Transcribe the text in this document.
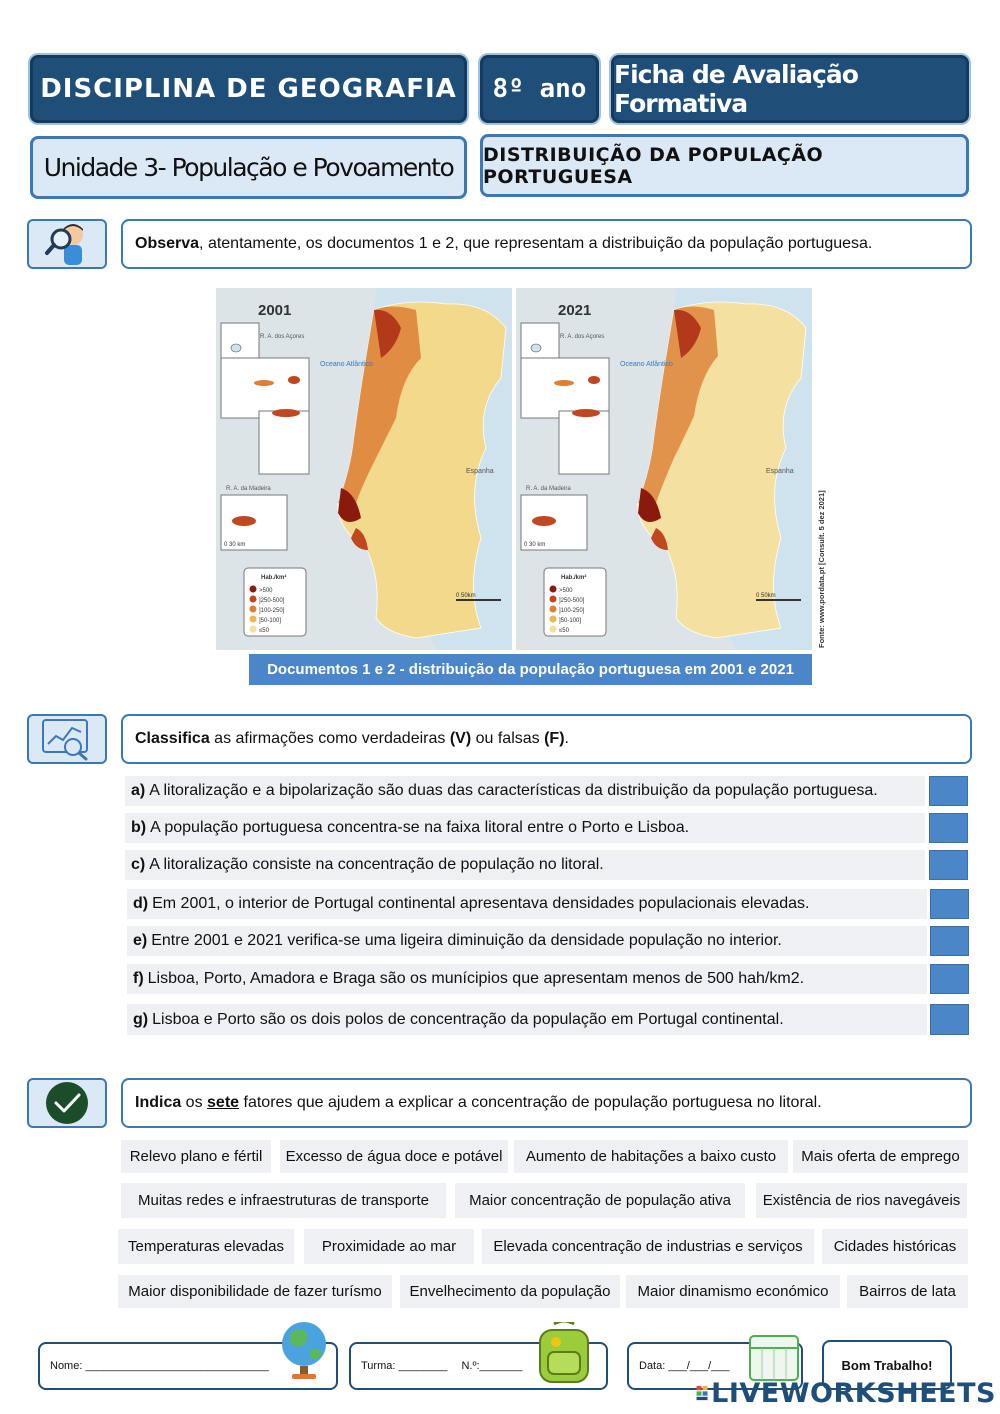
DISCIPLINA DE GEOGRAFIA 8º ano Ficha de Avaliação Formativa
Unidade 3- População e Povoamento DISTRIBUIÇÃO DA POPULAÇÃO PORTUGUESA
Observa, atentamente, os documentos 1 e 2, que representam a distribuição da população portuguesa.
2001
R. A. dos Açores
Oceano Atlântico
Espanha
R. A. da Madeira
0 30 km
Hab./km²
>500
]250-500]
]100-250]
]50-100]
≤50
0 50km
2021
R. A. dos Açores
Oceano Atlântico
Espanha
R. A. da Madeira
0 30 km
Hab./km²
>500
]250-500]
]100-250]
]50-100]
≤50
0 50km	Fonte: www.pordata.pt [Consult. 5 dez 2021]
Documentos 1 e 2 - distribuição da população portuguesa em 2001 e 2021
Classifica as afirmações como verdadeiras (V) ou falsas (F).
a) A litoralização e a bipolarização são duas das características da distribuição da população portuguesa.
b) A população portuguesa concentra-se na faixa litoral entre o Porto e Lisboa.
c) A litoralização consiste na concentração de população no litoral.
d) Em 2001, o interior de Portugal continental apresentava densidades populacionais elevadas.
e) Entre 2001 e 2021 verifica-se uma ligeira diminuição da densidade população no interior.
f) Lisboa, Porto, Amadora e Braga são os munícipios que apresentam menos de 500 hah/km2.
g) Lisboa e Porto são os dois polos de concentração da população em Portugal continental.
Indica os sete fatores que ajudem a explicar a concentração de população portuguesa no litoral.
Relevo plano e fértil	Excesso de água doce e potável	Aumento de habitações a baixo custo	Mais oferta de emprego
Muitas redes e infraestruturas de transporte	Maior concentração de população ativa	Existência de rios navegáveis
Temperaturas elevadas	Proximidade ao mar	Elevada concentração de industrias e serviços	Cidades históricas
Maior disponibilidade de fazer turísmo	Envelhecimento da população	Maior dinamismo económico	Bairros de lata
Nome: ______________________________	Turma: ________ N.º:_______	Data: ___/___/___	Bom Trabalho!
LIVEWORKSHEETS
